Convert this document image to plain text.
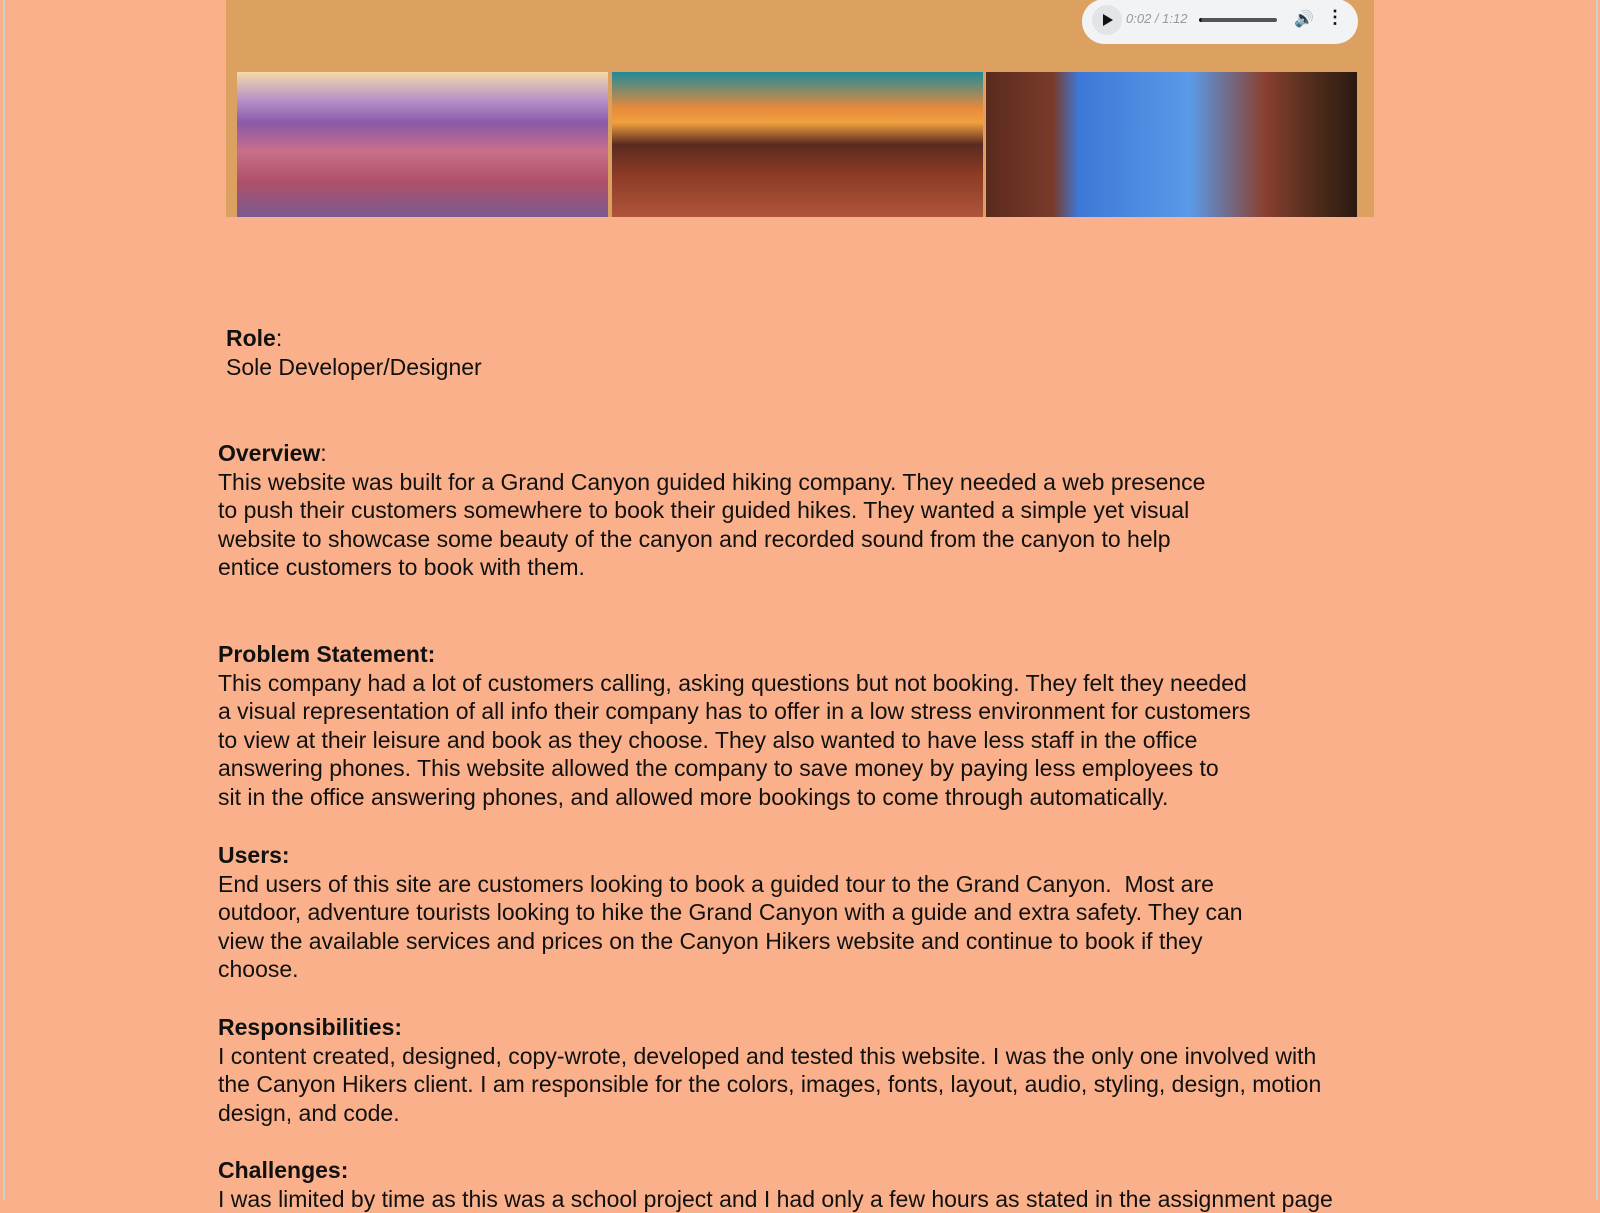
0:02 / 1:12	🔊 ⋮
Role:
Sole Developer/Designer
Overview:
This website was built for a Grand Canyon guided hiking company. They needed a web presence
to push their customers somewhere to book their guided hikes. They wanted a simple yet visual
website to showcase some beauty of the canyon and recorded sound from the canyon to help
entice customers to book with them.
Problem Statement:
This company had a lot of customers calling, asking questions but not booking. They felt they needed
a visual representation of all info their company has to offer in a low stress environment for customers
to view at their leisure and book as they choose. They also wanted to have less staff in the office
answering phones. This website allowed the company to save money by paying less employees to
sit in the office answering phones, and allowed more bookings to come through automatically.
Users:
End users of this site are customers looking to book a guided tour to the Grand Canyon.  Most are
outdoor, adventure tourists looking to hike the Grand Canyon with a guide and extra safety. They can
view the available services and prices on the Canyon Hikers website and continue to book if they
choose.
Responsibilities:
I content created, designed, copy-wrote, developed and tested this website. I was the only one involved with
the Canyon Hikers client. I am responsible for the colors, images, fonts, layout, audio, styling, design, motion
design, and code.
Challenges:
I was limited by time as this was a school project and I had only a few hours as stated in the assignment page
